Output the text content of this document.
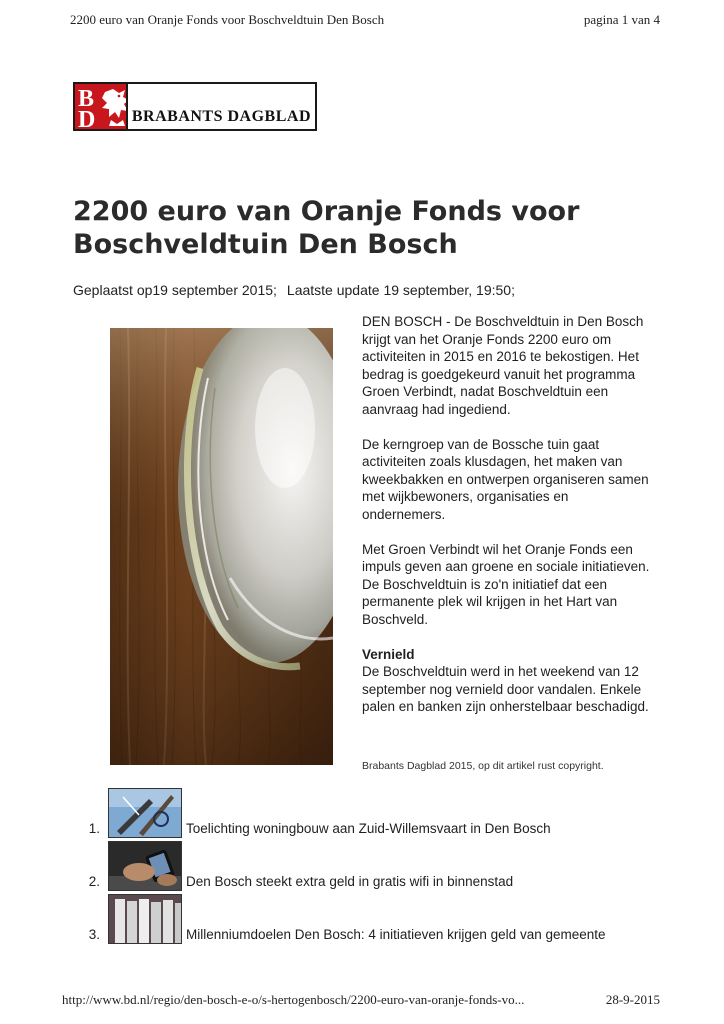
2200 euro van Oranje Fonds voor Boschveldtuin Den Bosch	pagina 1 van 4
B
D BRABANTS DAGBLAD
2200 euro van Oranje Fonds voor Boschveldtuin Den Bosch
Geplaatst op19 september 2015; Laatste update 19 september, 19:50;

DEN BOSCH - De Boschveldtuin in Den Bosch krijgt van het Oranje Fonds 2200 euro om activiteiten in 2015 en 2016 te bekostigen. Het bedrag is goedgekeurd vanuit het programma Groen Verbindt, nadat Boschveldtuin een aanvraag had ingediend.

De kerngroep van de Bossche tuin gaat activiteiten zoals klusdagen, het maken van kweekbakken en ontwerpen organiseren samen met wijkbewoners, organisaties en ondernemers.

Met Groen Verbindt wil het Oranje Fonds een impuls geven aan groene en sociale initiatieven. De Boschveldtuin is zo'n initiatief dat een permanente plek wil krijgen in het Hart van Boschveld.

Vernield

De Boschveldtuin werd in het weekend van 12 september nog vernield door vandalen. Enkele palen en banken zijn onherstelbaar beschadigd.

Brabants Dagblad 2015, op dit artikel rust copyright.
1.	Toelichting woningbouw aan Zuid-Willemsvaart in Den Bosch
2.	Den Bosch steekt extra geld in gratis wifi in binnenstad
3.	Millenniumdoelen Den Bosch: 4 initiatieven krijgen geld van gemeente
http://www.bd.nl/regio/den-bosch-e-o/s-hertogenbosch/2200-euro-van-oranje-fonds-vo...	28-9-2015
